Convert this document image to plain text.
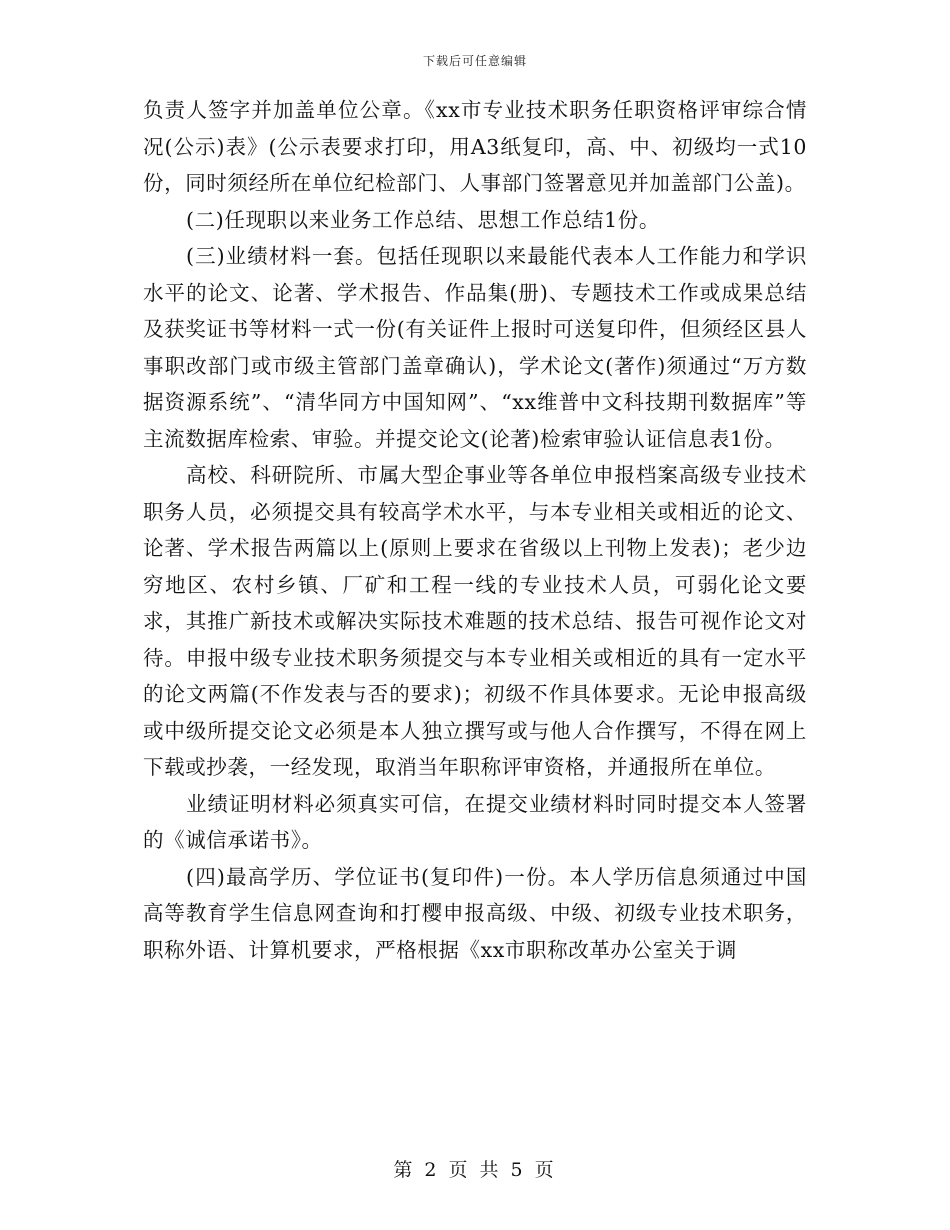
下载后可任意编辑

负责人签字并加盖单位公章。《xx市专业技术职务任职资格评审综合情况(公示)表》(公示表要求打印，用A3纸复印，高、中、初级均一式10份，同时须经所在单位纪检部门、人事部门签署意见并加盖部门公盖)。

(二)任现职以来业务工作总结、思想工作总结1份。

(三)业绩材料一套。包括任现职以来最能代表本人工作能力和学识水平的论文、论著、学术报告、作品集(册)、专题技术工作或成果总结及获奖证书等材料一式一份(有关证件上报时可送复印件，但须经区县人事职改部门或市级主管部门盖章确认)，学术论文(著作)须通过“万方数据资源系统”、“清华同方中国知网”、“xx维普中文科技期刊数据库”等主流数据库检索、审验。并提交论文(论著)检索审验认证信息表1份。

高校、科研院所、市属大型企事业等各单位申报档案高级专业技术职务人员，必须提交具有较高学术水平，与本专业相关或相近的论文、论著、学术报告两篇以上(原则上要求在省级以上刊物上发表)；老少边穷地区、农村乡镇、厂矿和工程一线的专业技术人员，可弱化论文要求，其推广新技术或解决实际技术难题的技术总结、报告可视作论文对待。申报中级专业技术职务须提交与本专业相关或相近的具有一定水平的论文两篇(不作发表与否的要求)；初级不作具体要求。无论申报高级或中级所提交论文必须是本人独立撰写或与他人合作撰写，不得在网上下载或抄袭，一经发现，取消当年职称评审资格，并通报所在单位。

业绩证明材料必须真实可信，在提交业绩材料时同时提交本人签署的《诚信承诺书》。

(四)最高学历、学位证书(复印件)一份。本人学历信息须通过中国高等教育学生信息网查询和打樱申报高级、中级、初级专业技术职务，职称外语、计算机要求，严格根据《xx市职称改革办公室关于调

第 2 页 共 5 页
